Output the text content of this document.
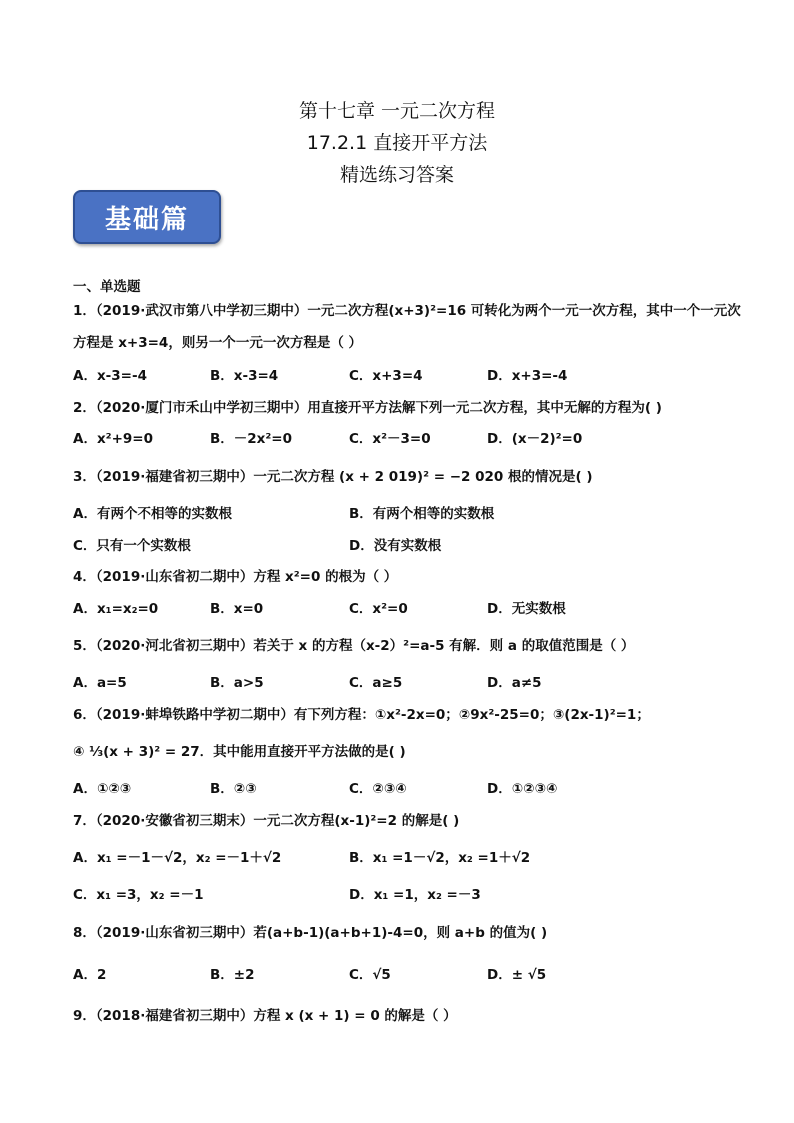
第十七章 一元二次方程
17.2.1 直接开平方法
精选练习答案
基础篇
一、单选题
1．（2019·武汉市第八中学初三期中）一元二次方程(x+3)²=16 可转化为两个一元一次方程，其中一个一元次
方程是 x+3=4，则另一个一元一次方程是（ ）
A．x-3=-4	B．x-3=4	C．x+3=4	D．x+3=-4
2．（2020·厦门市禾山中学初三期中）用直接开平方法解下列一元二次方程，其中无解的方程为( )
A．x²+9=0	B．－2x²=0	C．x²－3=0	D．(x－2)²=0
3．（2019·福建省初三期中）一元二次方程 (x + 2 019)² = −2 020 根的情况是( )
A．有两个不相等的实数根	B．有两个相等的实数根
C．只有一个实数根	D．没有实数根
4．（2019·山东省初二期中）方程 x²=0 的根为（ ）
A．x₁=x₂=0	B．x=0	C．x²=0	D．无实数根
5．（2020·河北省初三期中）若关于 x 的方程（x-2）²=a-5 有解．则 a 的取值范围是（ ）
A．a=5	B．a>5	C．a≥5	D．a≠5
6．（2019·蚌埠铁路中学初二期中）有下列方程：①x²-2x=0；②9x²-25=0；③(2x-1)²=1；
④ ⅓(x + 3)² = 27．其中能用直接开平方法做的是( )
A．①②③	B．②③	C．②③④	D．①②③④
7．（2020·安徽省初三期末）一元二次方程(x-1)²=2 的解是( )
A．x₁ =－1－√2，x₂ =－1＋√2	B．x₁ =1－√2，x₂ =1＋√2
C．x₁ =3，x₂ =－1	D．x₁ =1，x₂ =－3
8．（2019·山东省初三期中）若(a+b-1)(a+b+1)-4=0，则 a+b 的值为( )
A．2	B．±2	C．√5	D．± √5
9．（2018·福建省初三期中）方程 x (x + 1) = 0 的解是（ ）
